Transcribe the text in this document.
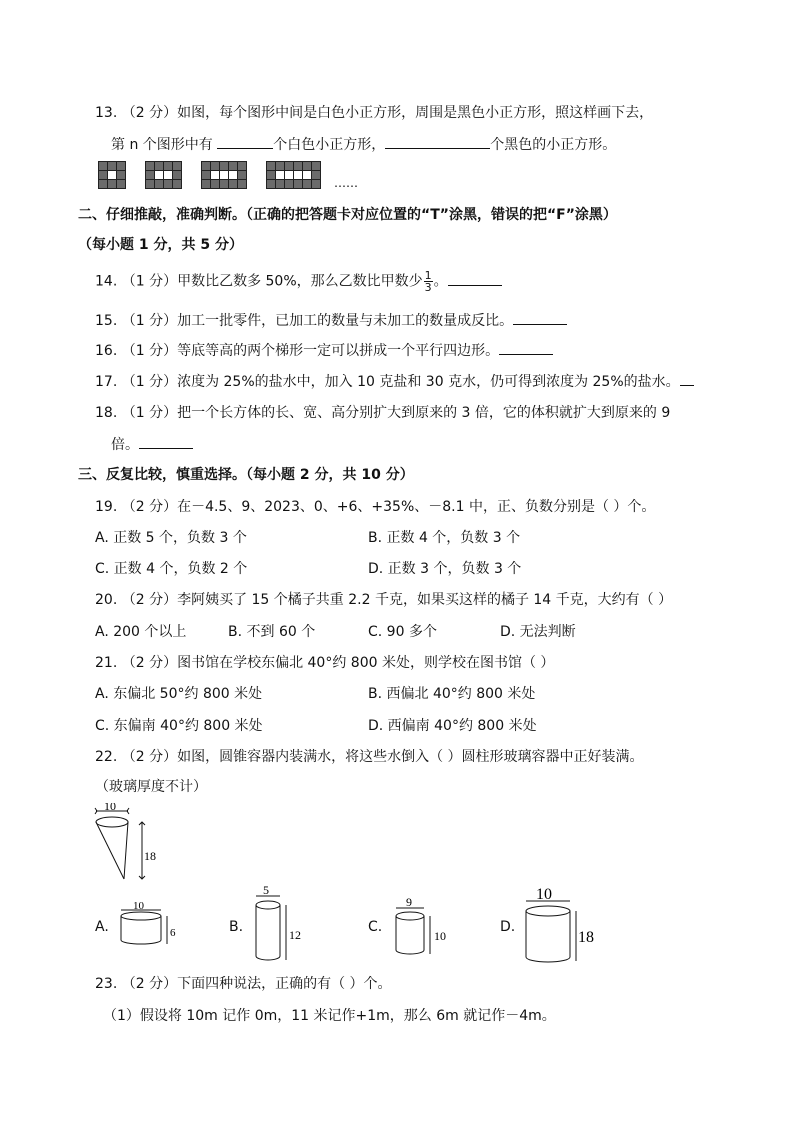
13. （2 分）如图，每个图形中间是白色小正方形，周围是黑色小正方形，照这样画下去，
第 n 个图形中有	个白色小正方形，	个黑色的小正方形。
……
二、仔细推敲，准确判断。（正确的把答题卡对应位置的“T”涂黑，错误的把“F”涂黑）
（每小题 1 分，共 5 分）
14. （1 分）甲数比乙数多 50%，那么乙数比甲数少 $\frac{1}{3}$ 。
15. （1 分）加工一批零件，已加工的数量与未加工的数量成反比。
16. （1 分）等底等高的两个梯形一定可以拼成一个平行四边形。
17. （1 分）浓度为 25%的盐水中，加入 10 克盐和 30 克水，仍可得到浓度为 25%的盐水。
18. （1 分）把一个长方体的长、宽、高分别扩大到原来的 3 倍，它的体积就扩大到原来的 9
倍。
三、反复比较，慎重选择。（每小题 2 分，共 10 分）
19. （2 分）在－4.5、9、2023、0、+6、+35%、－8.1 中，正、负数分别是（ ）个。
A. 正数 5 个，负数 3 个	B. 正数 4 个，负数 3 个
C. 正数 4 个，负数 2 个	D. 正数 3 个，负数 3 个
20. （2 分）李阿姨买了 15 个橘子共重 2.2 千克，如果买这样的橘子 14 千克，大约有（ ）
A. 200 个以上	B. 不到 60 个	C. 90 多个	D. 无法判断
21. （2 分）图书馆在学校东偏北 40°约 800 米处，则学校在图书馆（ ）
A. 东偏北 50°约 800 米处	B. 西偏北 40°约 800 米处
C. 东偏南 40°约 800 米处	D. 西偏南 40°约 800 米处
22. （2 分）如图，圆锥容器内装满水，将这些水倒入（ ）圆柱形玻璃容器中正好装满。
（玻璃厚度不计）
10
18
A.
10
6	B.
5
12	C.
9
10
D.
10
18
23. （2 分）下面四种说法，正确的有（ ）个。
（1）假设将 10m 记作 0m，11 米记作+1m，那么 6m 就记作－4m。
